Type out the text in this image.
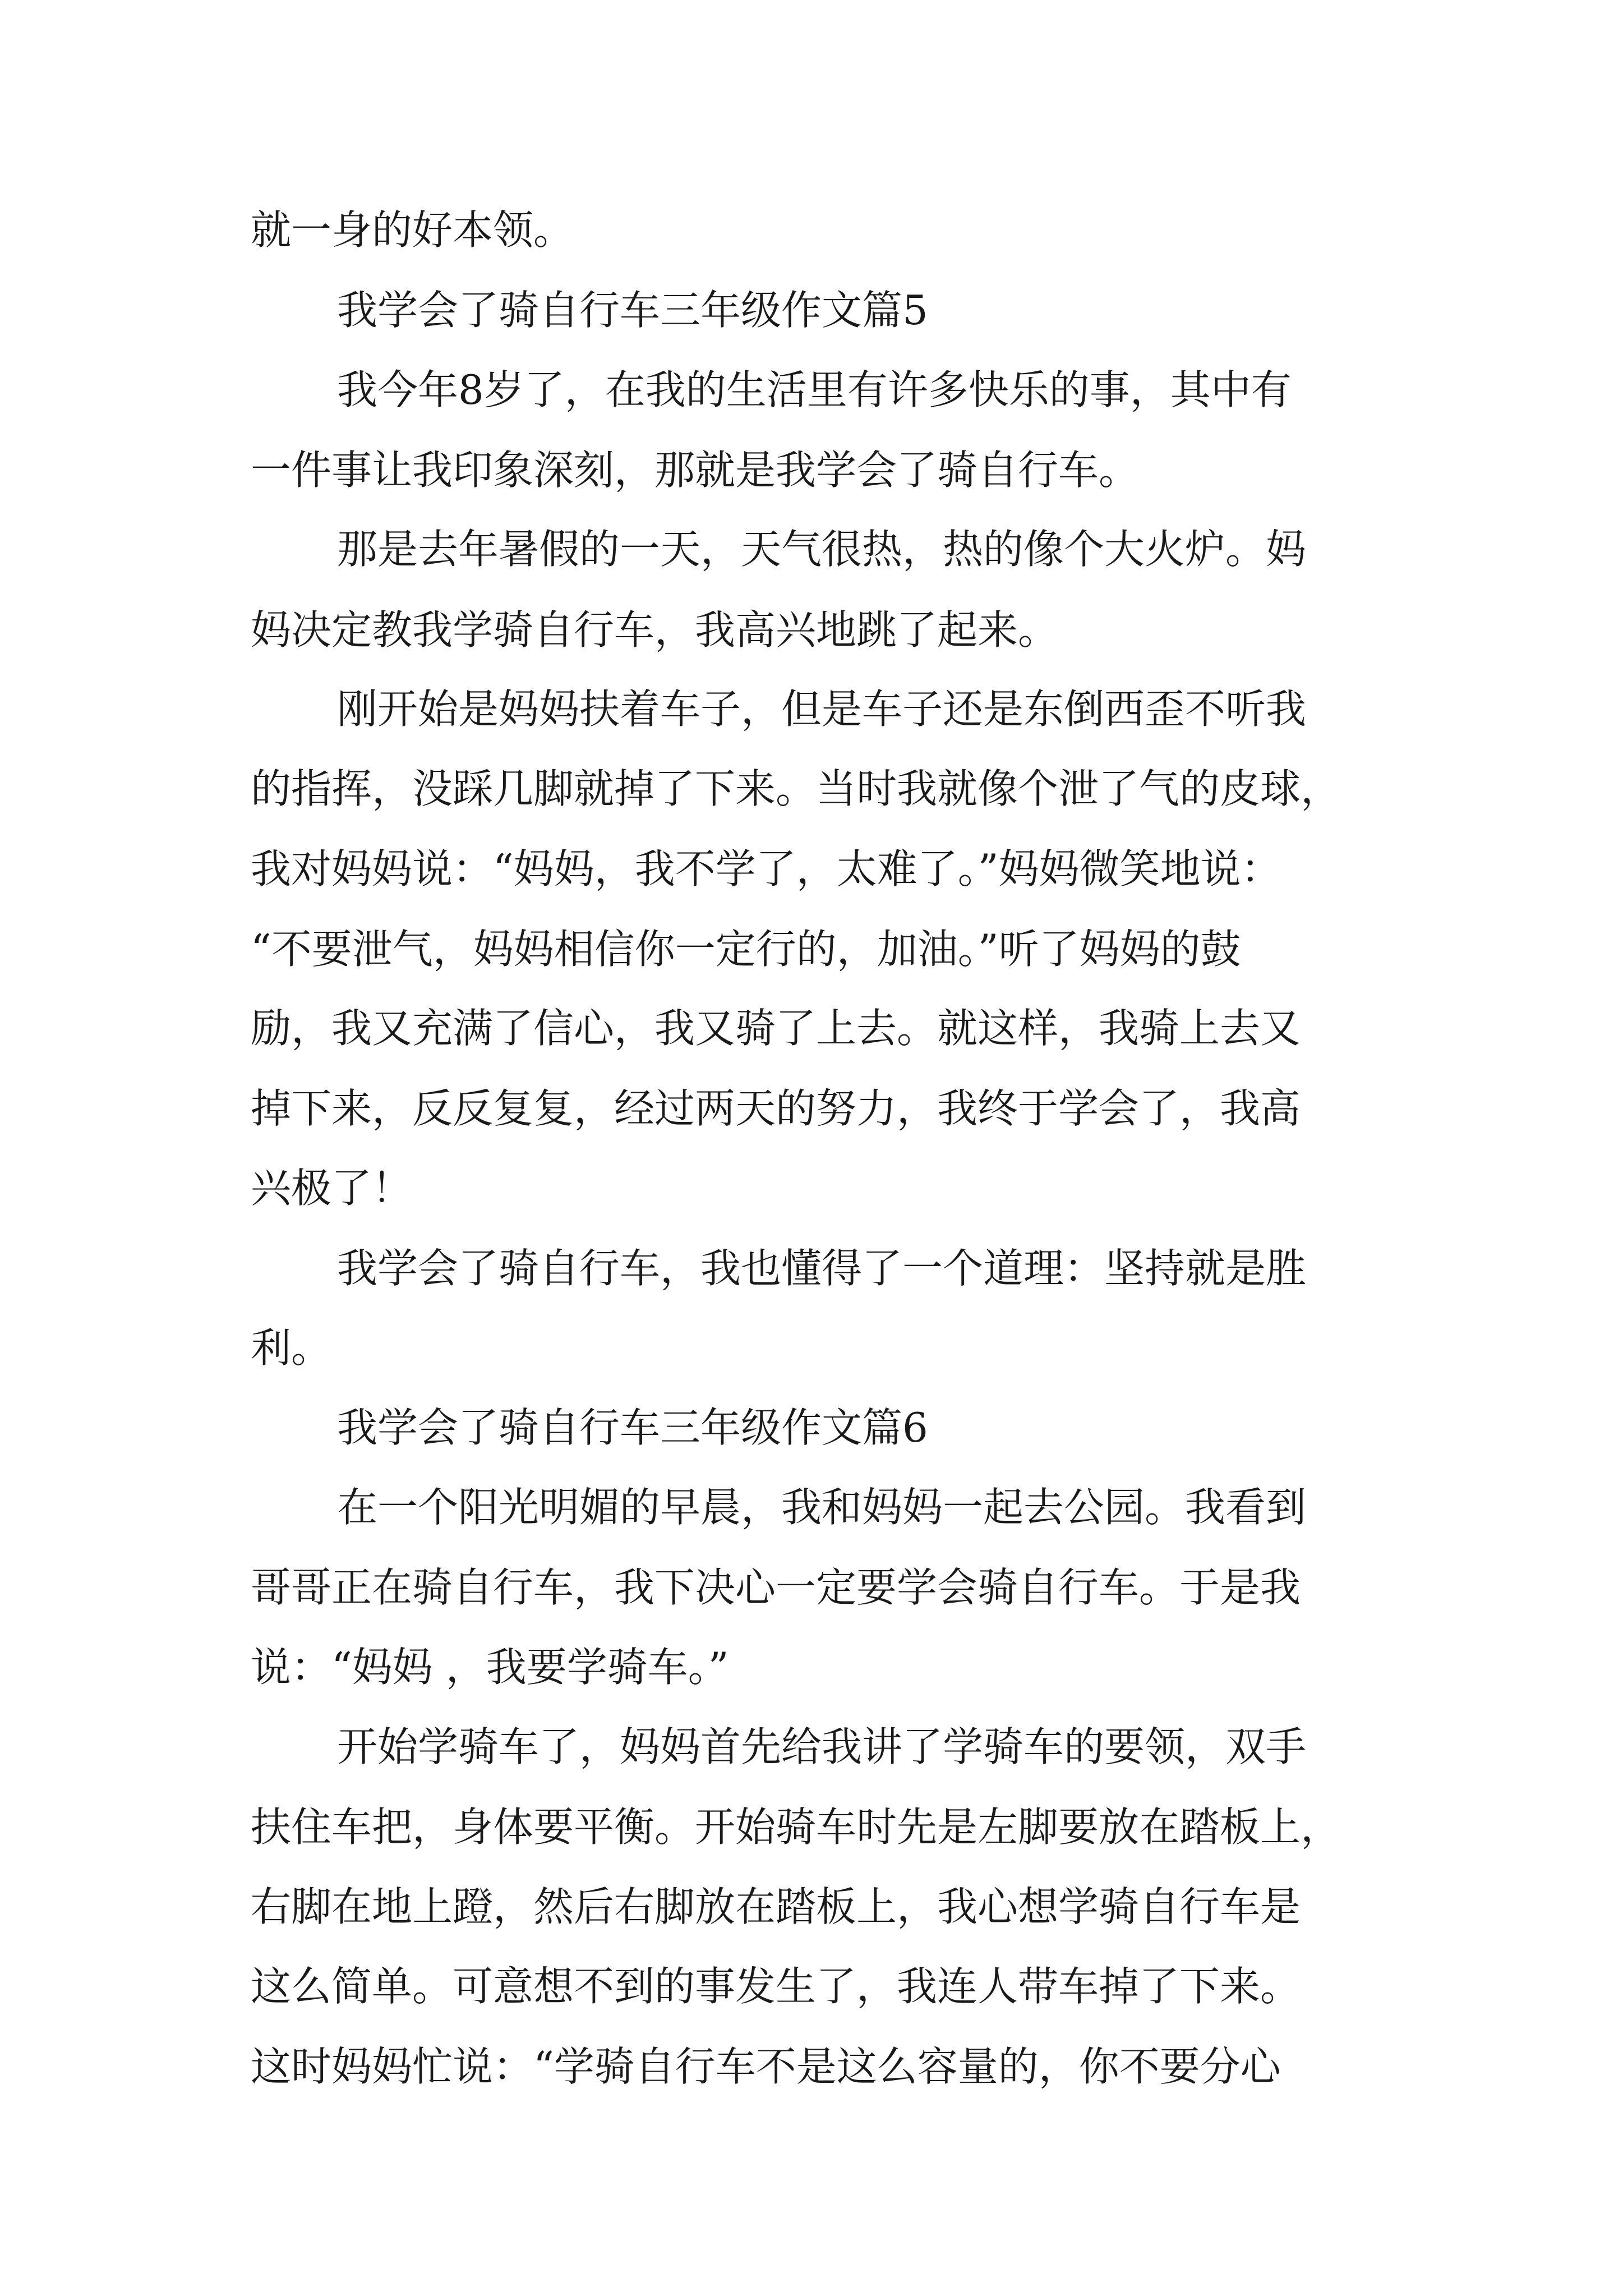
就一身的好本领。

我学会了骑自行车三年级作文篇5

我今年8岁了，在我的生活里有许多快乐的事，其中有

一件事让我印象深刻，那就是我学会了骑自行车。

那是去年暑假的一天，天气很热，热的像个大火炉。妈

妈决定教我学骑自行车，我高兴地跳了起来。

刚开始是妈妈扶着车子，但是车子还是东倒西歪不听我

的指挥，没踩几脚就掉了下来。当时我就像个泄了气的皮球，

我对妈妈说：“妈妈，我不学了，太难了。”妈妈微笑地说：

“不要泄气，妈妈相信你一定行的，加油。”听了妈妈的鼓

励，我又充满了信心，我又骑了上去。就这样，我骑上去又

掉下来，反反复复，经过两天的努力，我终于学会了，我高

兴极了！

我学会了骑自行车，我也懂得了一个道理：坚持就是胜

利。

我学会了骑自行车三年级作文篇6

在一个阳光明媚的早晨，我和妈妈一起去公园。我看到

哥哥正在骑自行车，我下决心一定要学会骑自行车。于是我

说：“妈妈 ，我要学骑车。”

开始学骑车了，妈妈首先给我讲了学骑车的要领，双手

扶住车把，身体要平衡。开始骑车时先是左脚要放在踏板上，

右脚在地上蹬，然后右脚放在踏板上，我心想学骑自行车是

这么简单。可意想不到的事发生了，我连人带车掉了下来。

这时妈妈忙说：“学骑自行车不是这么容量的，你不要分心
